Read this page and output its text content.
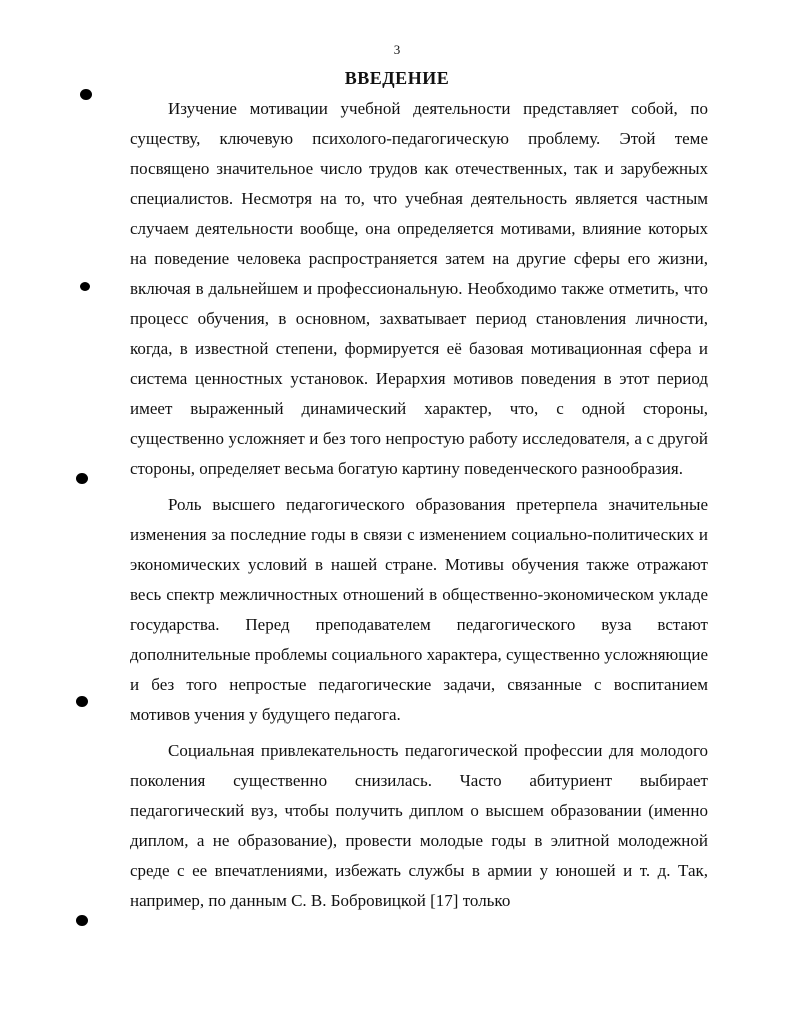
3
ВВЕДЕНИЕ

Изучение мотивации учебной деятельности представляет собой, по существу, ключевую психолого-педагогическую проблему. Этой теме посвящено значительное число трудов как отечественных, так и зарубежных специалистов. Несмотря на то, что учебная деятельность является частным случаем деятельности вообще, она определяется мотивами, влияние которых на поведение человека распространяется затем на другие сферы его жизни, включая в дальнейшем и профессиональную. Необходимо также отметить, что процесс обучения, в основном, захватывает период становления личности, когда, в известной степени, формируется её базовая мотивационная сфера и система ценностных установок. Иерархия мотивов поведения в этот период имеет выраженный динамический характер, что, с одной стороны, существенно усложняет и без того непростую работу исследователя, а с другой стороны, определяет весьма богатую картину поведенческого разнообразия.

Роль высшего педагогического образования претерпела значительные изменения за последние годы в связи с изменением социально-политических и экономических условий в нашей стране. Мотивы обучения также отражают весь спектр межличностных отношений в общественно-экономическом укладе государства. Перед преподавателем педагогического вуза встают дополнительные проблемы социального характера, существенно усложняющие и без того непростые педагогические задачи, связанные с воспитанием мотивов учения у будущего педагога.

Социальная привлекательность педагогической профессии для молодого поколения существенно снизилась. Часто абитуриент выбирает педагогический вуз, чтобы получить диплом о высшем образовании (именно диплом, а не образование), провести молодые годы в элитной молодежной среде с ее впечатлениями, избежать службы в армии у юношей и т. д. Так, например, по данным С. В. Бобровицкой [17] только
